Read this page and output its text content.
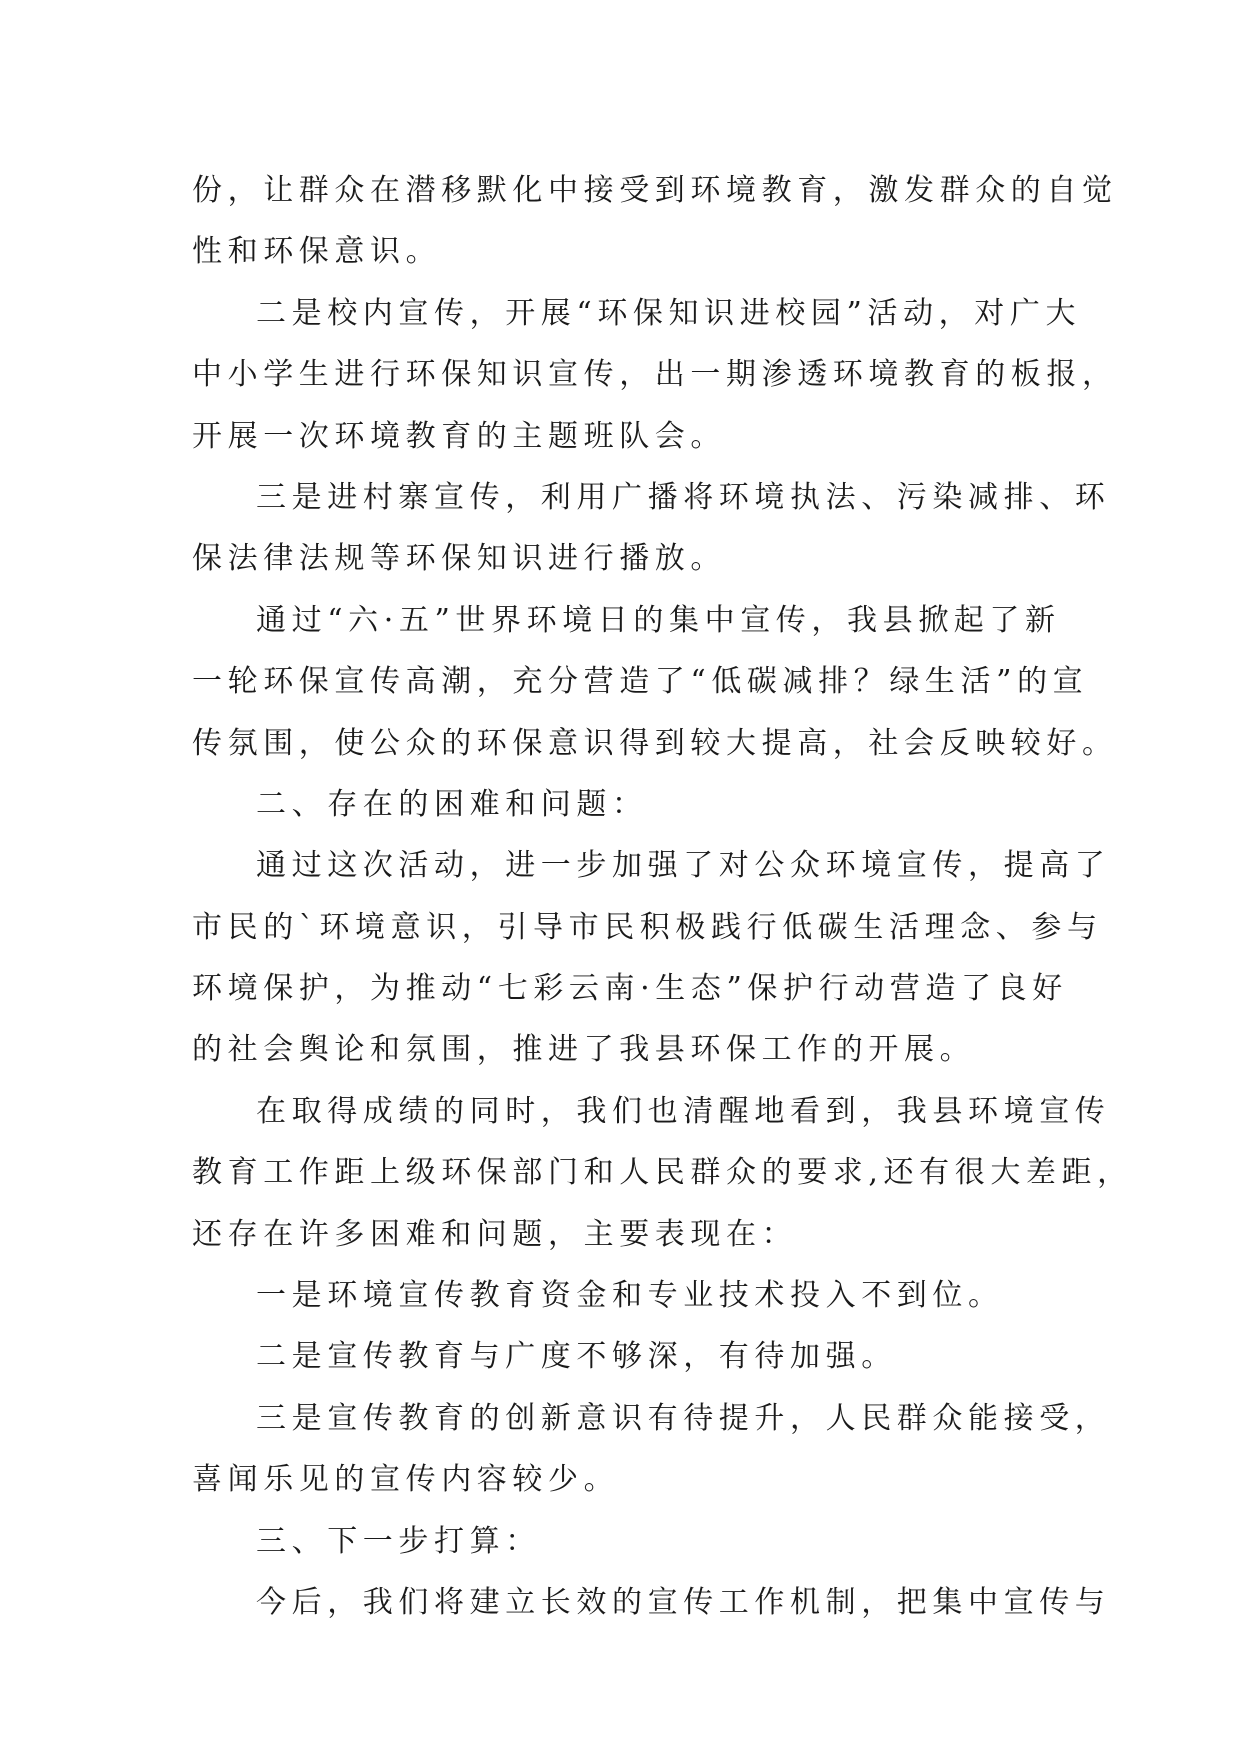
份，让群众在潜移默化中接受到环境教育，激发群众的自觉

性和环保意识。

二是校内宣传，开展“环保知识进校园”活动，对广大

中小学生进行环保知识宣传，出一期渗透环境教育的板报，

开展一次环境教育的主题班队会。

三是进村寨宣传，利用广播将环境执法、污染减排、环

保法律法规等环保知识进行播放。

通过“六·五”世界环境日的集中宣传，我县掀起了新

一轮环保宣传高潮，充分营造了“低碳减排？绿生活”的宣

传氛围，使公众的环保意识得到较大提高，社会反映较好。

二、存在的困难和问题：

通过这次活动，进一步加强了对公众环境宣传，提高了

市民的`环境意识，引导市民积极践行低碳生活理念、参与

环境保护，为推动“七彩云南·生态”保护行动营造了良好

的社会舆论和氛围，推进了我县环保工作的开展。

在取得成绩的同时，我们也清醒地看到，我县环境宣传

教育工作距上级环保部门和人民群众的要求,还有很大差距，

还存在许多困难和问题，主要表现在：

一是环境宣传教育资金和专业技术投入不到位。

二是宣传教育与广度不够深，有待加强。

三是宣传教育的创新意识有待提升，人民群众能接受，

喜闻乐见的宣传内容较少。

三、下一步打算：

今后，我们将建立长效的宣传工作机制，把集中宣传与
